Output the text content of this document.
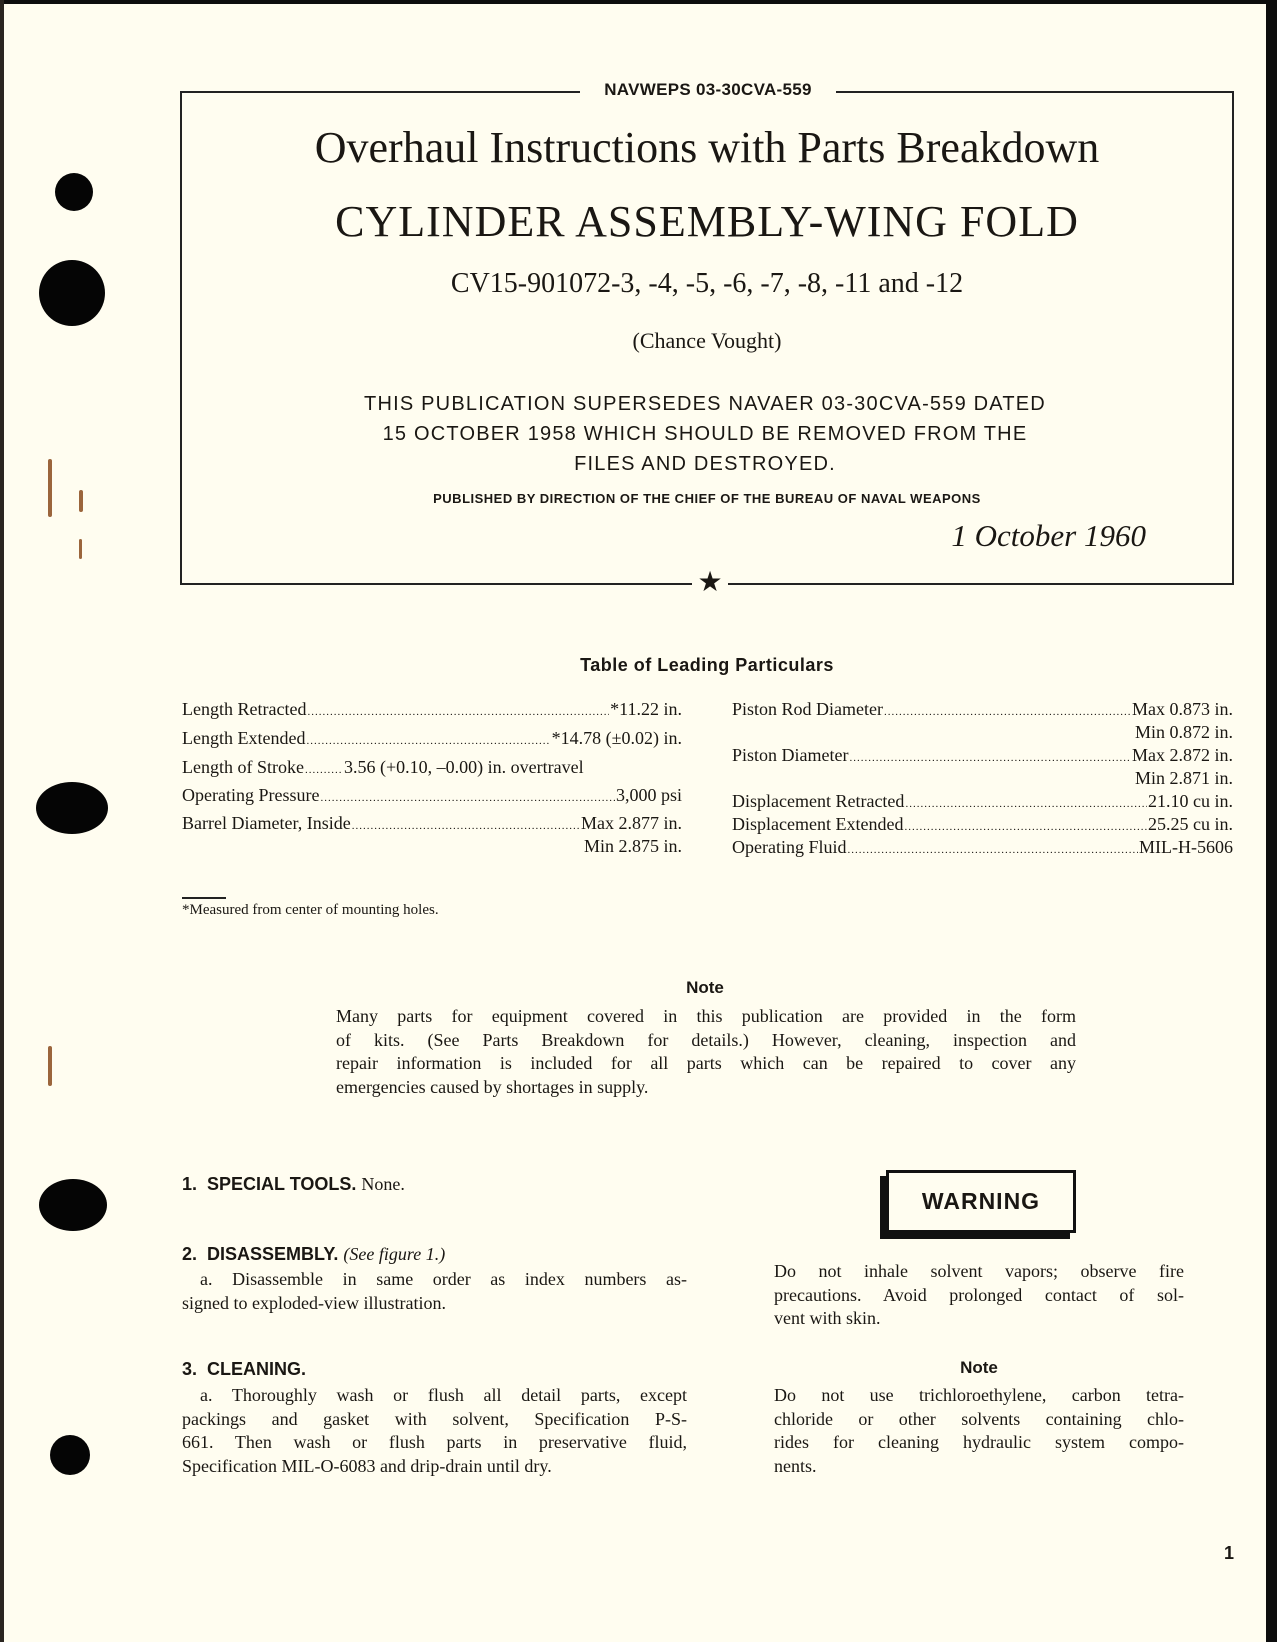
NAVWEPS 03-30CVA-559
Overhaul Instructions with Parts Breakdown
CYLINDER ASSEMBLY-WING FOLD
CV15-901072-3, -4, -5, -6, -7, -8, -11 and -12
(Chance Vought)
THIS PUBLICATION SUPERSEDES NAVAER 03-30CVA-559 DATED
15 OCTOBER 1958 WHICH SHOULD BE REMOVED FROM THE
FILES AND DESTROYED.
PUBLISHED BY DIRECTION OF THE CHIEF OF THE BUREAU OF NAVAL WEAPONS
1 October 1960
★
Table of Leading Particulars
Length Retracted .....	*11.22 in.
Length Extended .....	*14.78 (±0.02) in.
Length of Stroke ..... 3.56 (+0.10, –0.00) in. overtravel
Operating Pressure .....	3,000 psi
Barrel Diameter, Inside .....	Max 2.877 in.
Min 2.875 in.
Piston Rod Diameter .....	Max 0.873 in.
Min 0.872 in.
Piston Diameter .....	Max 2.872 in.
Min 2.871 in.
Displacement Retracted .....	21.10 cu in.
Displacement Extended .....	25.25 cu in.
Operating Fluid .....	MIL-H-5606
*Measured from center of mounting holes.
Note
Many parts for equipment covered in this publication are provided in the form
of kits. (See Parts Breakdown for details.) However, cleaning, inspection and
repair information is included for all parts which can be repaired to cover any
emergencies caused by shortages in supply.
1. SPECIAL TOOLS. None.
2. DISASSEMBLY. (See figure 1.)
a. Disassemble in same order as index numbers as-
signed to exploded-view illustration.
3. CLEANING.
a. Thoroughly wash or flush all detail parts, except
packings and gasket with solvent, Specification P-S-
661. Then wash or flush parts in preservative fluid,
Specification MIL-O-6083 and drip-drain until dry.
WARNING
Do not inhale solvent vapors; observe fire
precautions. Avoid prolonged contact of sol-
vent with skin.
Note
Do not use trichloroethylene, carbon tetra-
chloride or other solvents containing chlo-
rides for cleaning hydraulic system compo-
nents.
1
